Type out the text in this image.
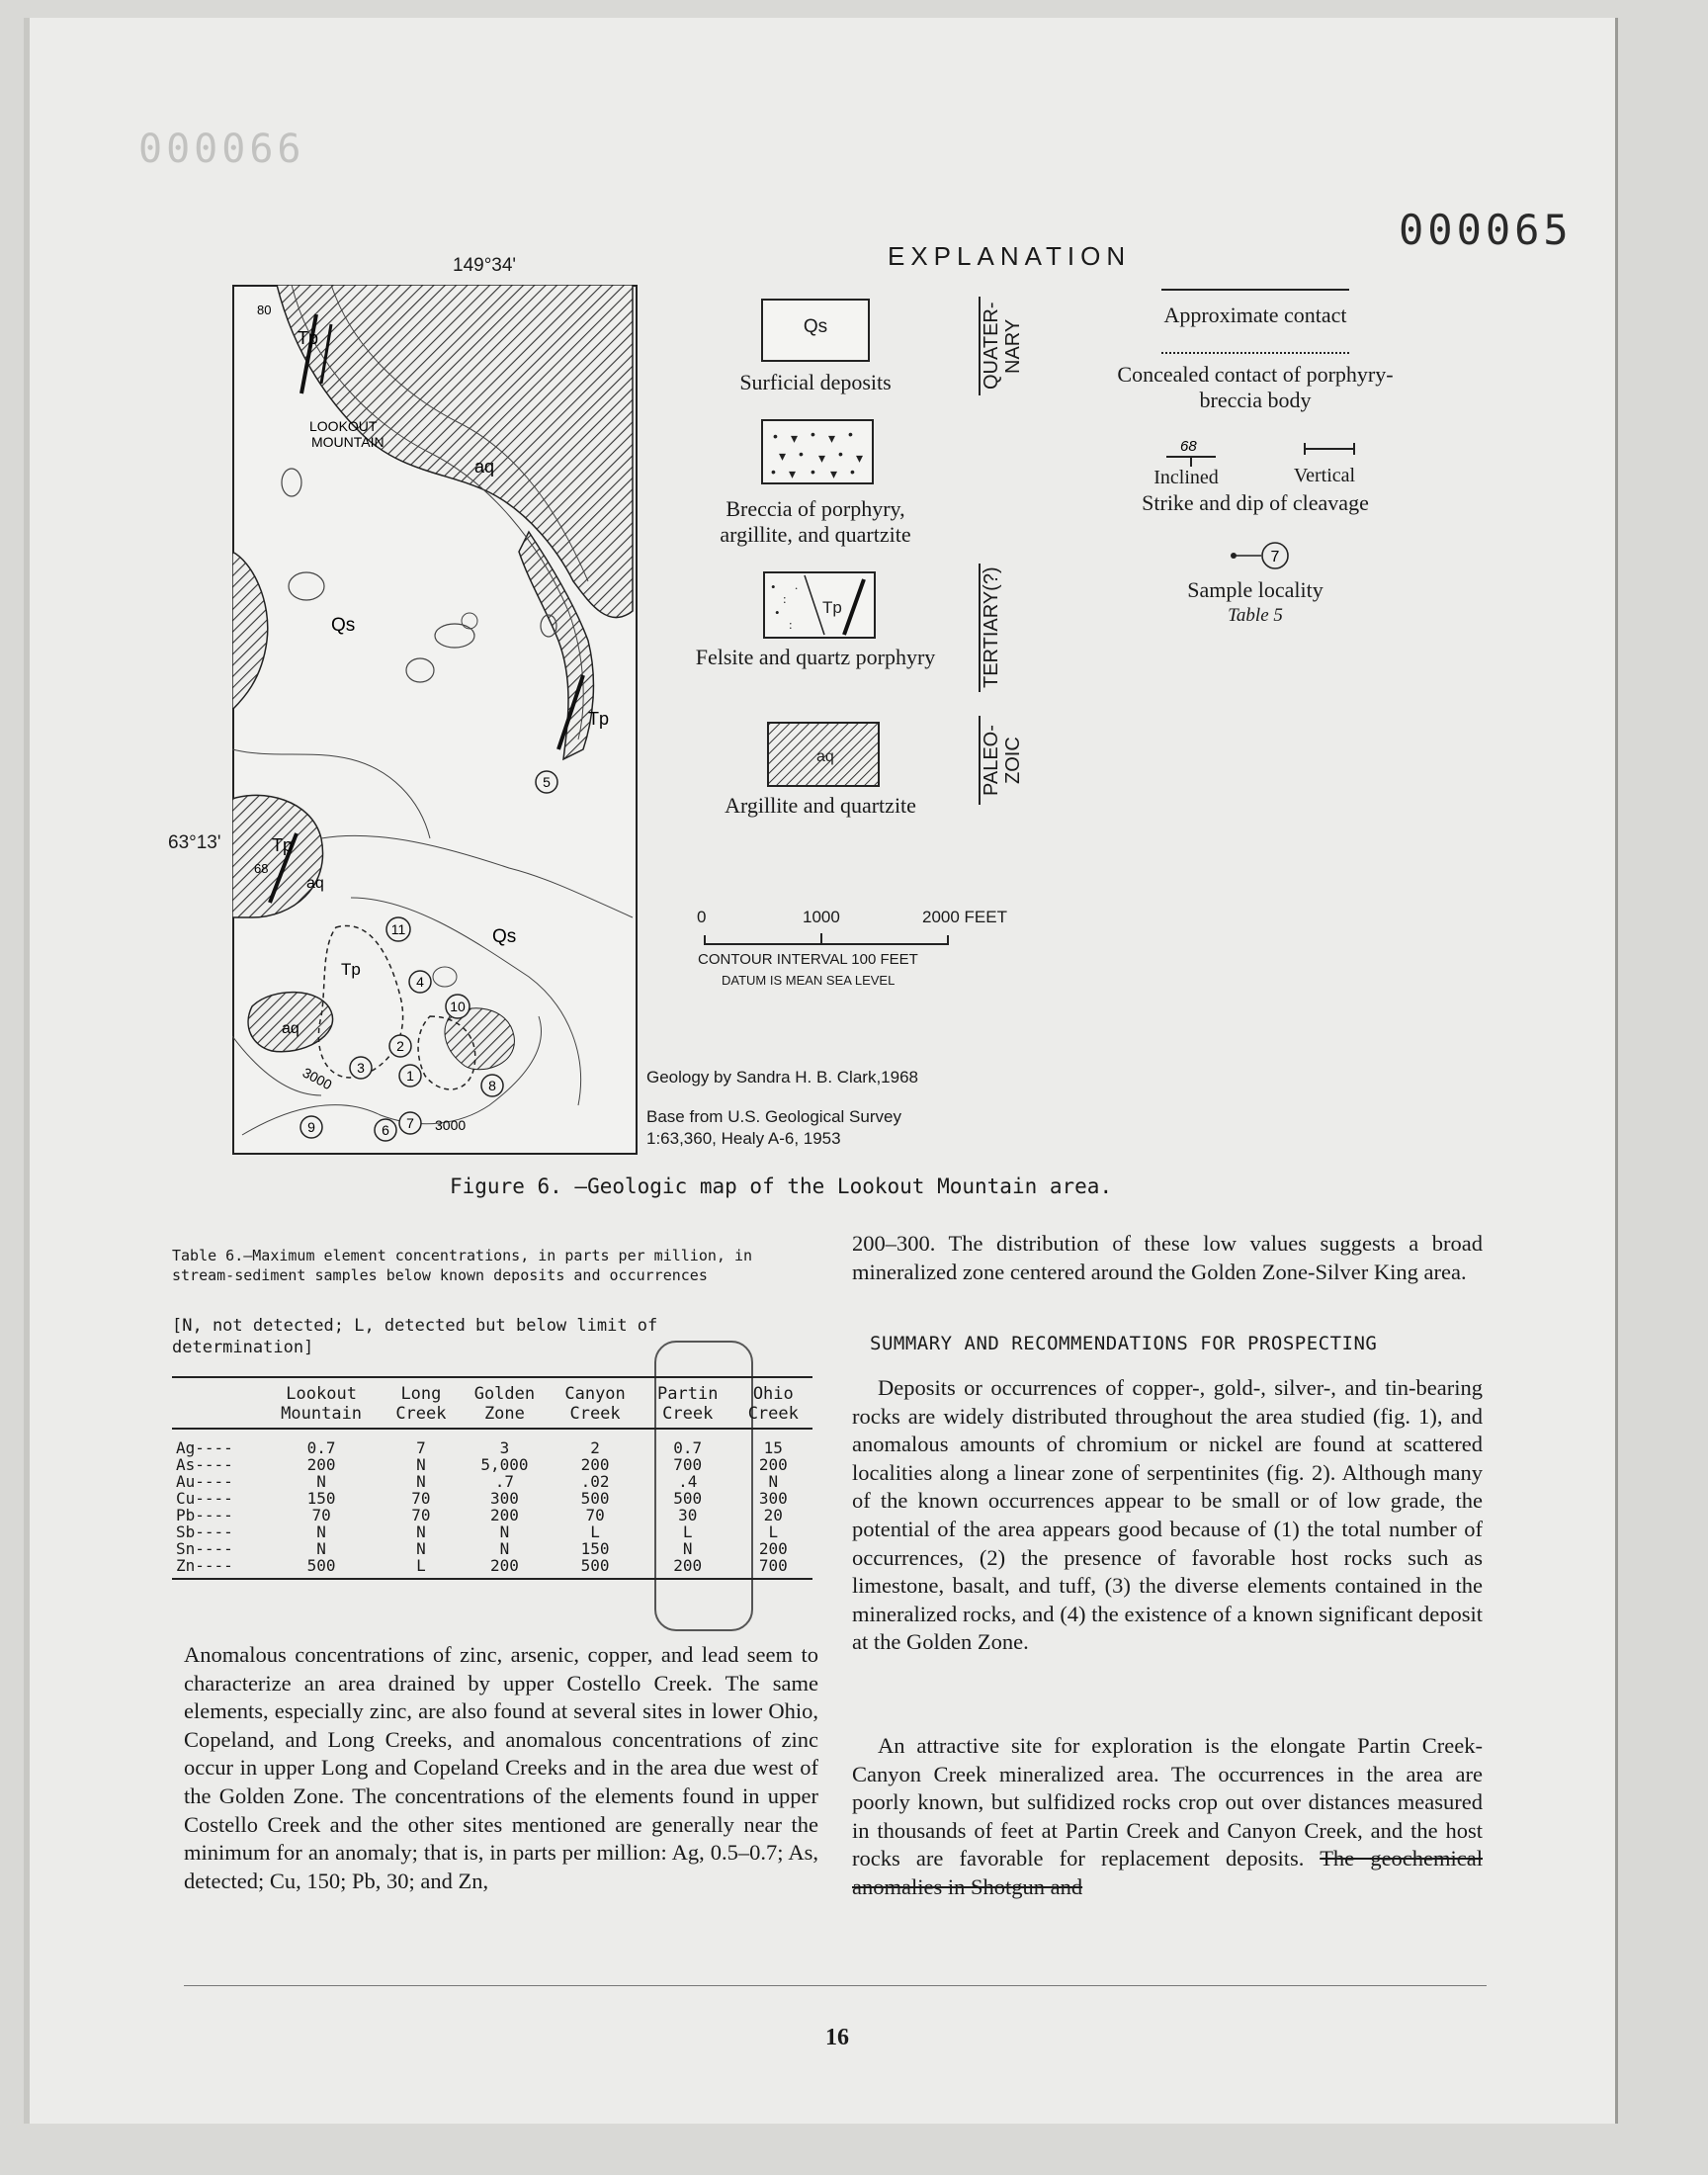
000066
000065
149°34'
63°13'
LOOKOUT
MOUNTAIN
Tp
aq
Qs
Tp
Tp
aq
Qs
Tp
aq
3000
3000
80
68
1
2
3
4
5
6 7
8
9
10
11
EXPLANATION
Qs
Surficial deposits	QUATER-NARY
• ▾ • ▾ •
▾ • ▾ • ▾
• ▾ • ▾ •
Breccia of porphyry, argillite, and quartzite
•
:
•
:
.
Tp
Felsite and quartz porphyry TERTIARY(?)
aq
Argillite and quartzite
PALEO-ZOIC
Approximate contact
Concealed contact of porphyry-breccia body
68
Inclined	Vertical
Strike and dip of cleavage
7
Sample locality
Table 5
0	1000	2000 FEET
CONTOUR INTERVAL 100 FEET
DATUM IS MEAN SEA LEVEL
Geology by Sandra H. B. Clark,1968
Base from U.S. Geological Survey
1:63,360, Healy A-6, 1953
Figure 6. —Geologic map of the Lookout Mountain area.
Table 6.—Maximum element concentrations, in parts per million, in stream-sediment samples below known deposits and occurrences
[N, not detected; L, detected but below limit of determination]
	Lookout Mountain	Long Creek	Golden Zone	Canyon Creek	Partin Creek	Ohio Creek
Ag----	0.7	7	3	2	0.7	15
As----	200	N	5,000	200	700	200
Au----	N	N	.7	.02	.4	N
Cu----	150	70	300	500	500	300
Pb----	70	70	200	70	30	20
Sb----	N	N	N	L	L	L
Sn----	N	N	N	150	N	200
Zn----	500	L	200	500	200	700
Anomalous concentrations of zinc, arsenic, copper, and lead seem to characterize an area drained by upper Costello Creek. The same elements, especially zinc, are also found at several sites in lower Ohio, Copeland, and Long Creeks, and anomalous concentrations of zinc occur in upper Long and Copeland Creeks and in the area due west of the Golden Zone. The concentrations of the elements found in upper Costello Creek and the other sites mentioned are generally near the minimum for an anomaly; that is, in parts per million: Ag, 0.5–0.7; As, detected; Cu, 150; Pb, 30; and Zn,
200–300. The distribution of these low values suggests a broad mineralized zone centered around the Golden Zone-Silver King area.
SUMMARY AND RECOMMENDATIONS FOR PROSPECTING
Deposits or occurrences of copper-, gold-, silver-, and tin-bearing rocks are widely distributed throughout the area studied (fig. 1), and anomalous amounts of chromium or nickel are found at scattered localities along a linear zone of serpentinites (fig. 2). Although many of the known occurrences appear to be small or of low grade, the potential of the area appears good because of (1) the total number of occurrences, (2) the presence of favorable host rocks such as limestone, basalt, and tuff, (3) the diverse elements contained in the mineralized rocks, and (4) the existence of a known significant deposit at the Golden Zone.
An attractive site for exploration is the elongate Partin Creek-Canyon Creek mineralized area. The occurrences in the area are poorly known, but sulfidized rocks crop out over distances measured in thousands of feet at Partin Creek and Canyon Creek, and the host rocks are favorable for replacement deposits. The geochemical anomalies in Shotgun and
16
